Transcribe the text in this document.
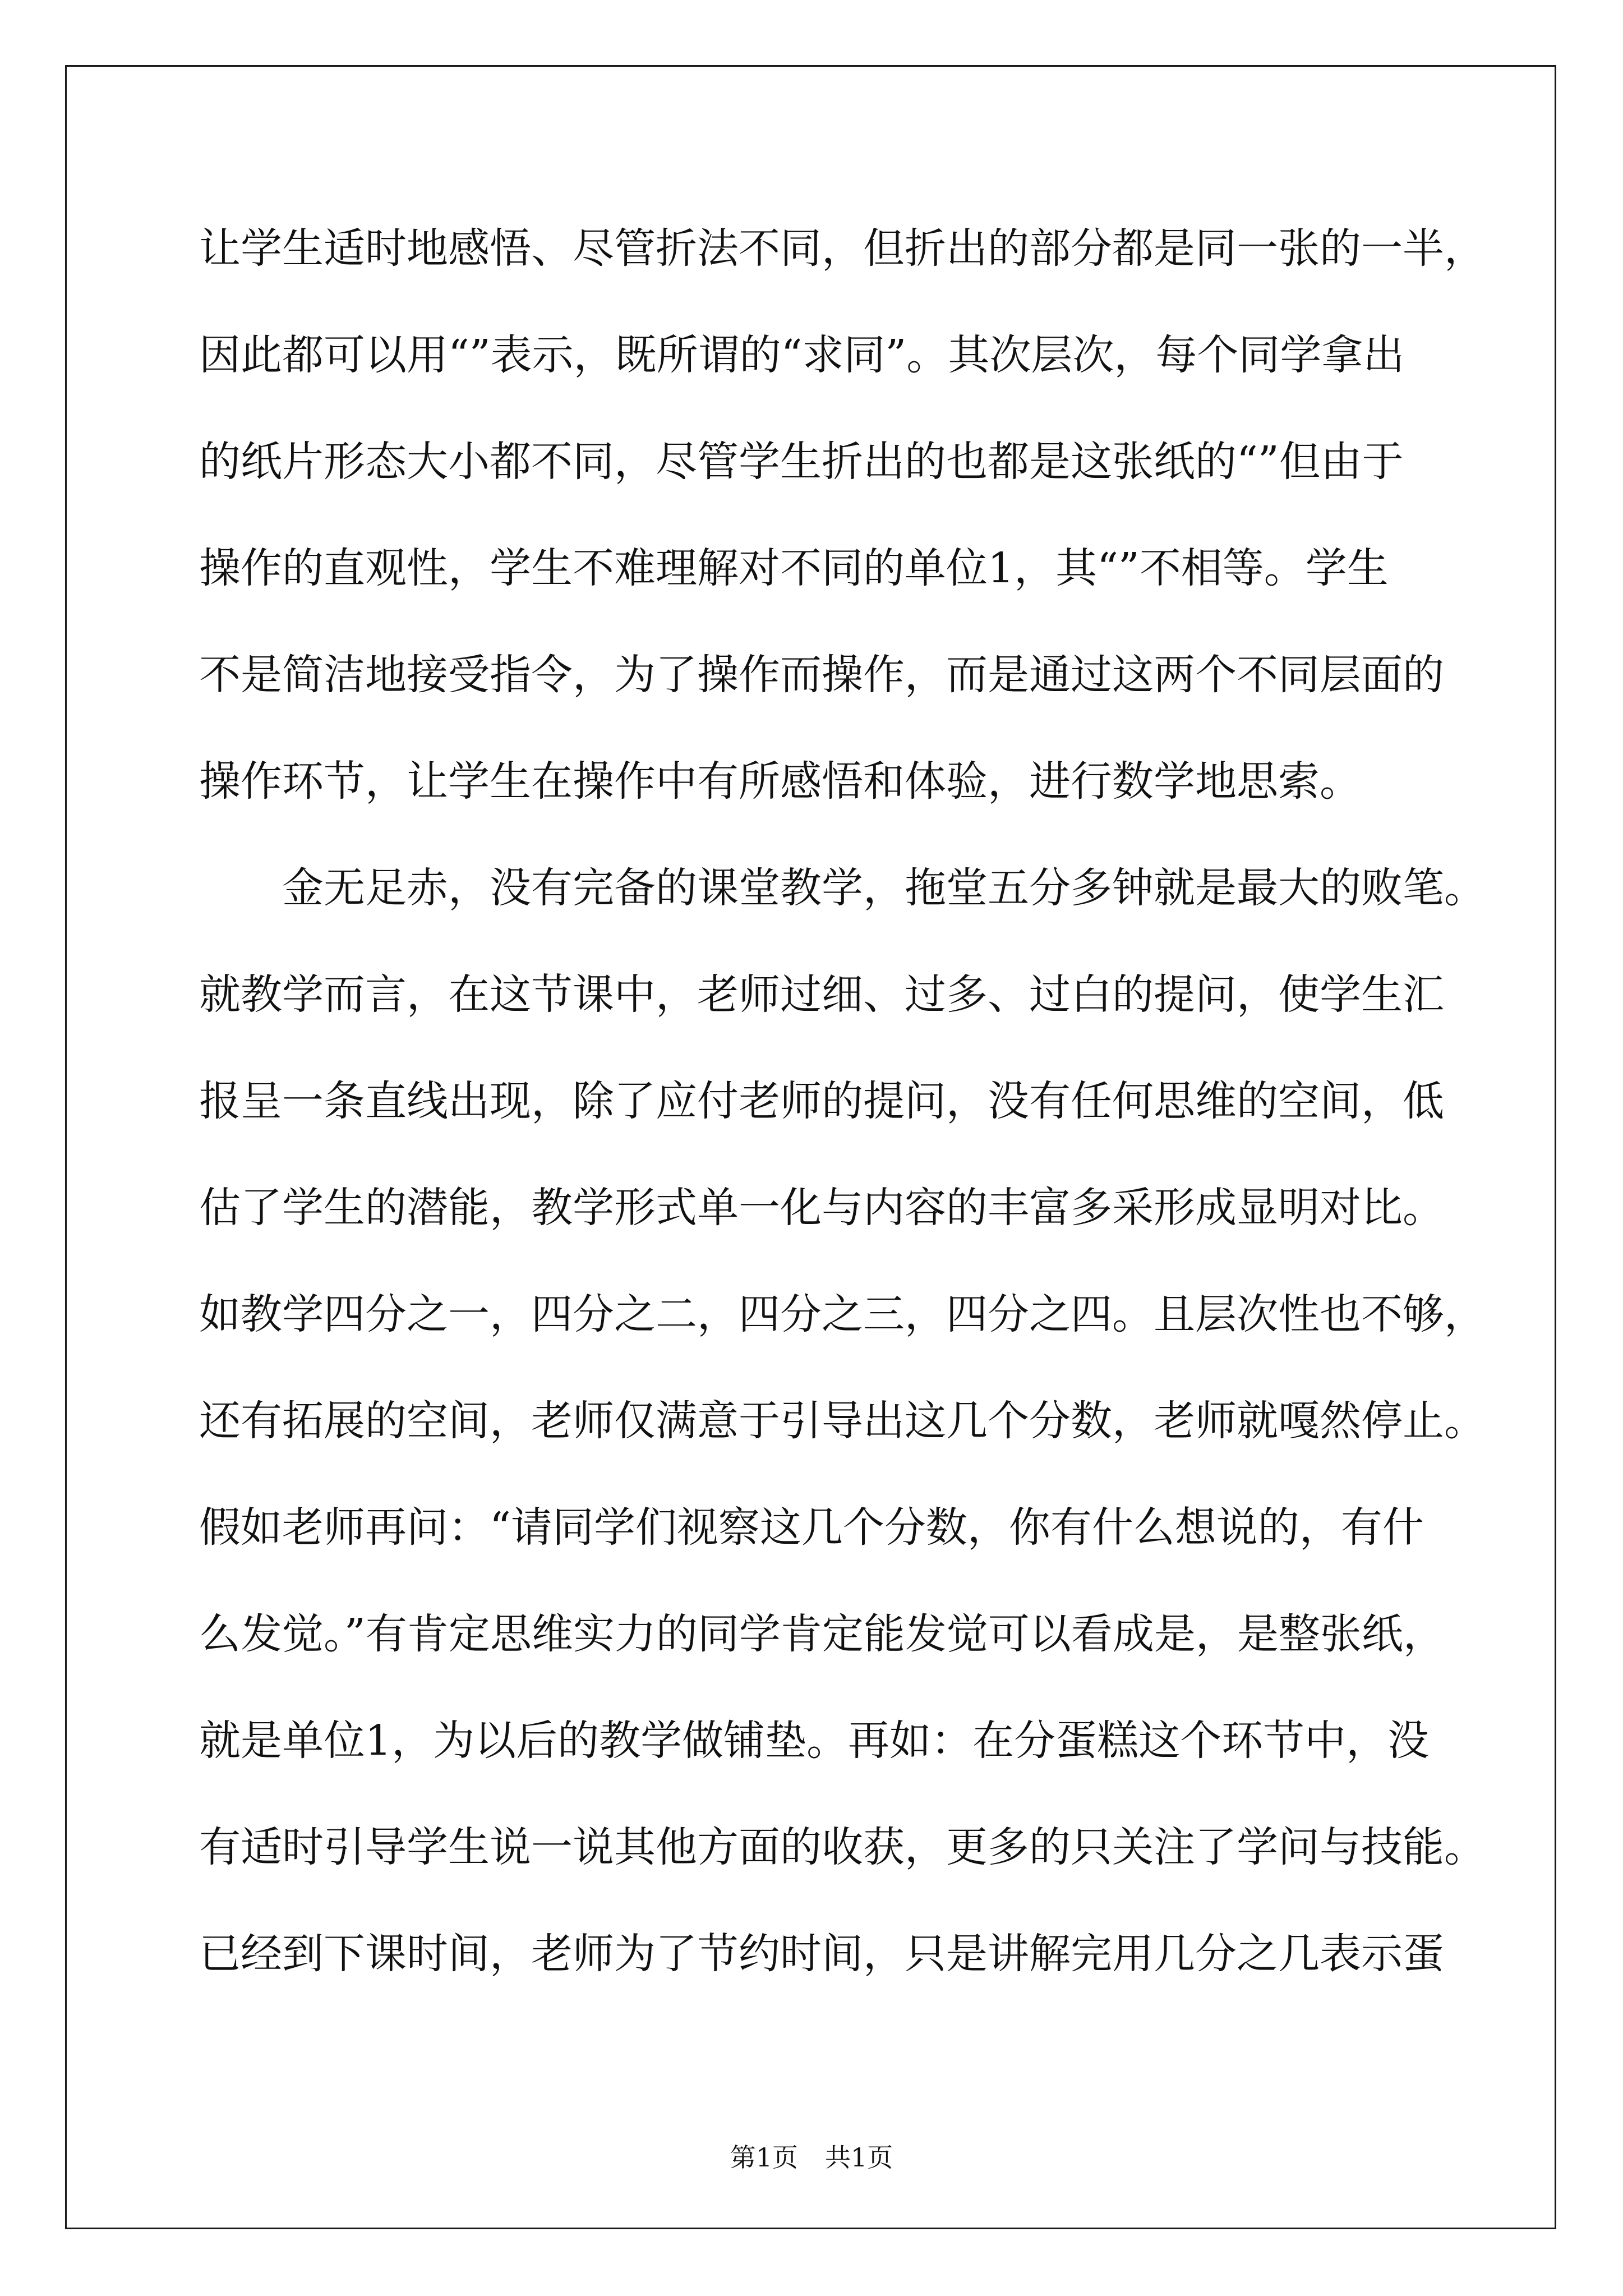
让学生适时地感悟、尽管折法不同，但折出的部分都是同一张的一半，
因此都可以用“”表示，既所谓的“求同”。其次层次，每个同学拿出
的纸片形态大小都不同，尽管学生折出的也都是这张纸的“”但由于
操作的直观性，学生不难理解对不同的单位1，其“”不相等。学生
不是简洁地接受指令，为了操作而操作，而是通过这两个不同层面的
操作环节，让学生在操作中有所感悟和体验，进行数学地思索。
金无足赤，没有完备的课堂教学，拖堂五分多钟就是最大的败笔。
就教学而言，在这节课中，老师过细、过多、过白的提问，使学生汇
报呈一条直线出现，除了应付老师的提问，没有任何思维的空间，低
估了学生的潜能，教学形式单一化与内容的丰富多采形成显明对比。
如教学四分之一，四分之二，四分之三，四分之四。且层次性也不够，
还有拓展的空间，老师仅满意于引导出这几个分数，老师就嘎然停止。
假如老师再问：“请同学们视察这几个分数，你有什么想说的，有什
么发觉。”有肯定思维实力的同学肯定能发觉可以看成是，是整张纸，
就是单位1，为以后的教学做铺垫。再如：在分蛋糕这个环节中，没
有适时引导学生说一说其他方面的收获，更多的只关注了学问与技能。
已经到下课时间，老师为了节约时间，只是讲解完用几分之几表示蛋
第1页 共1页
